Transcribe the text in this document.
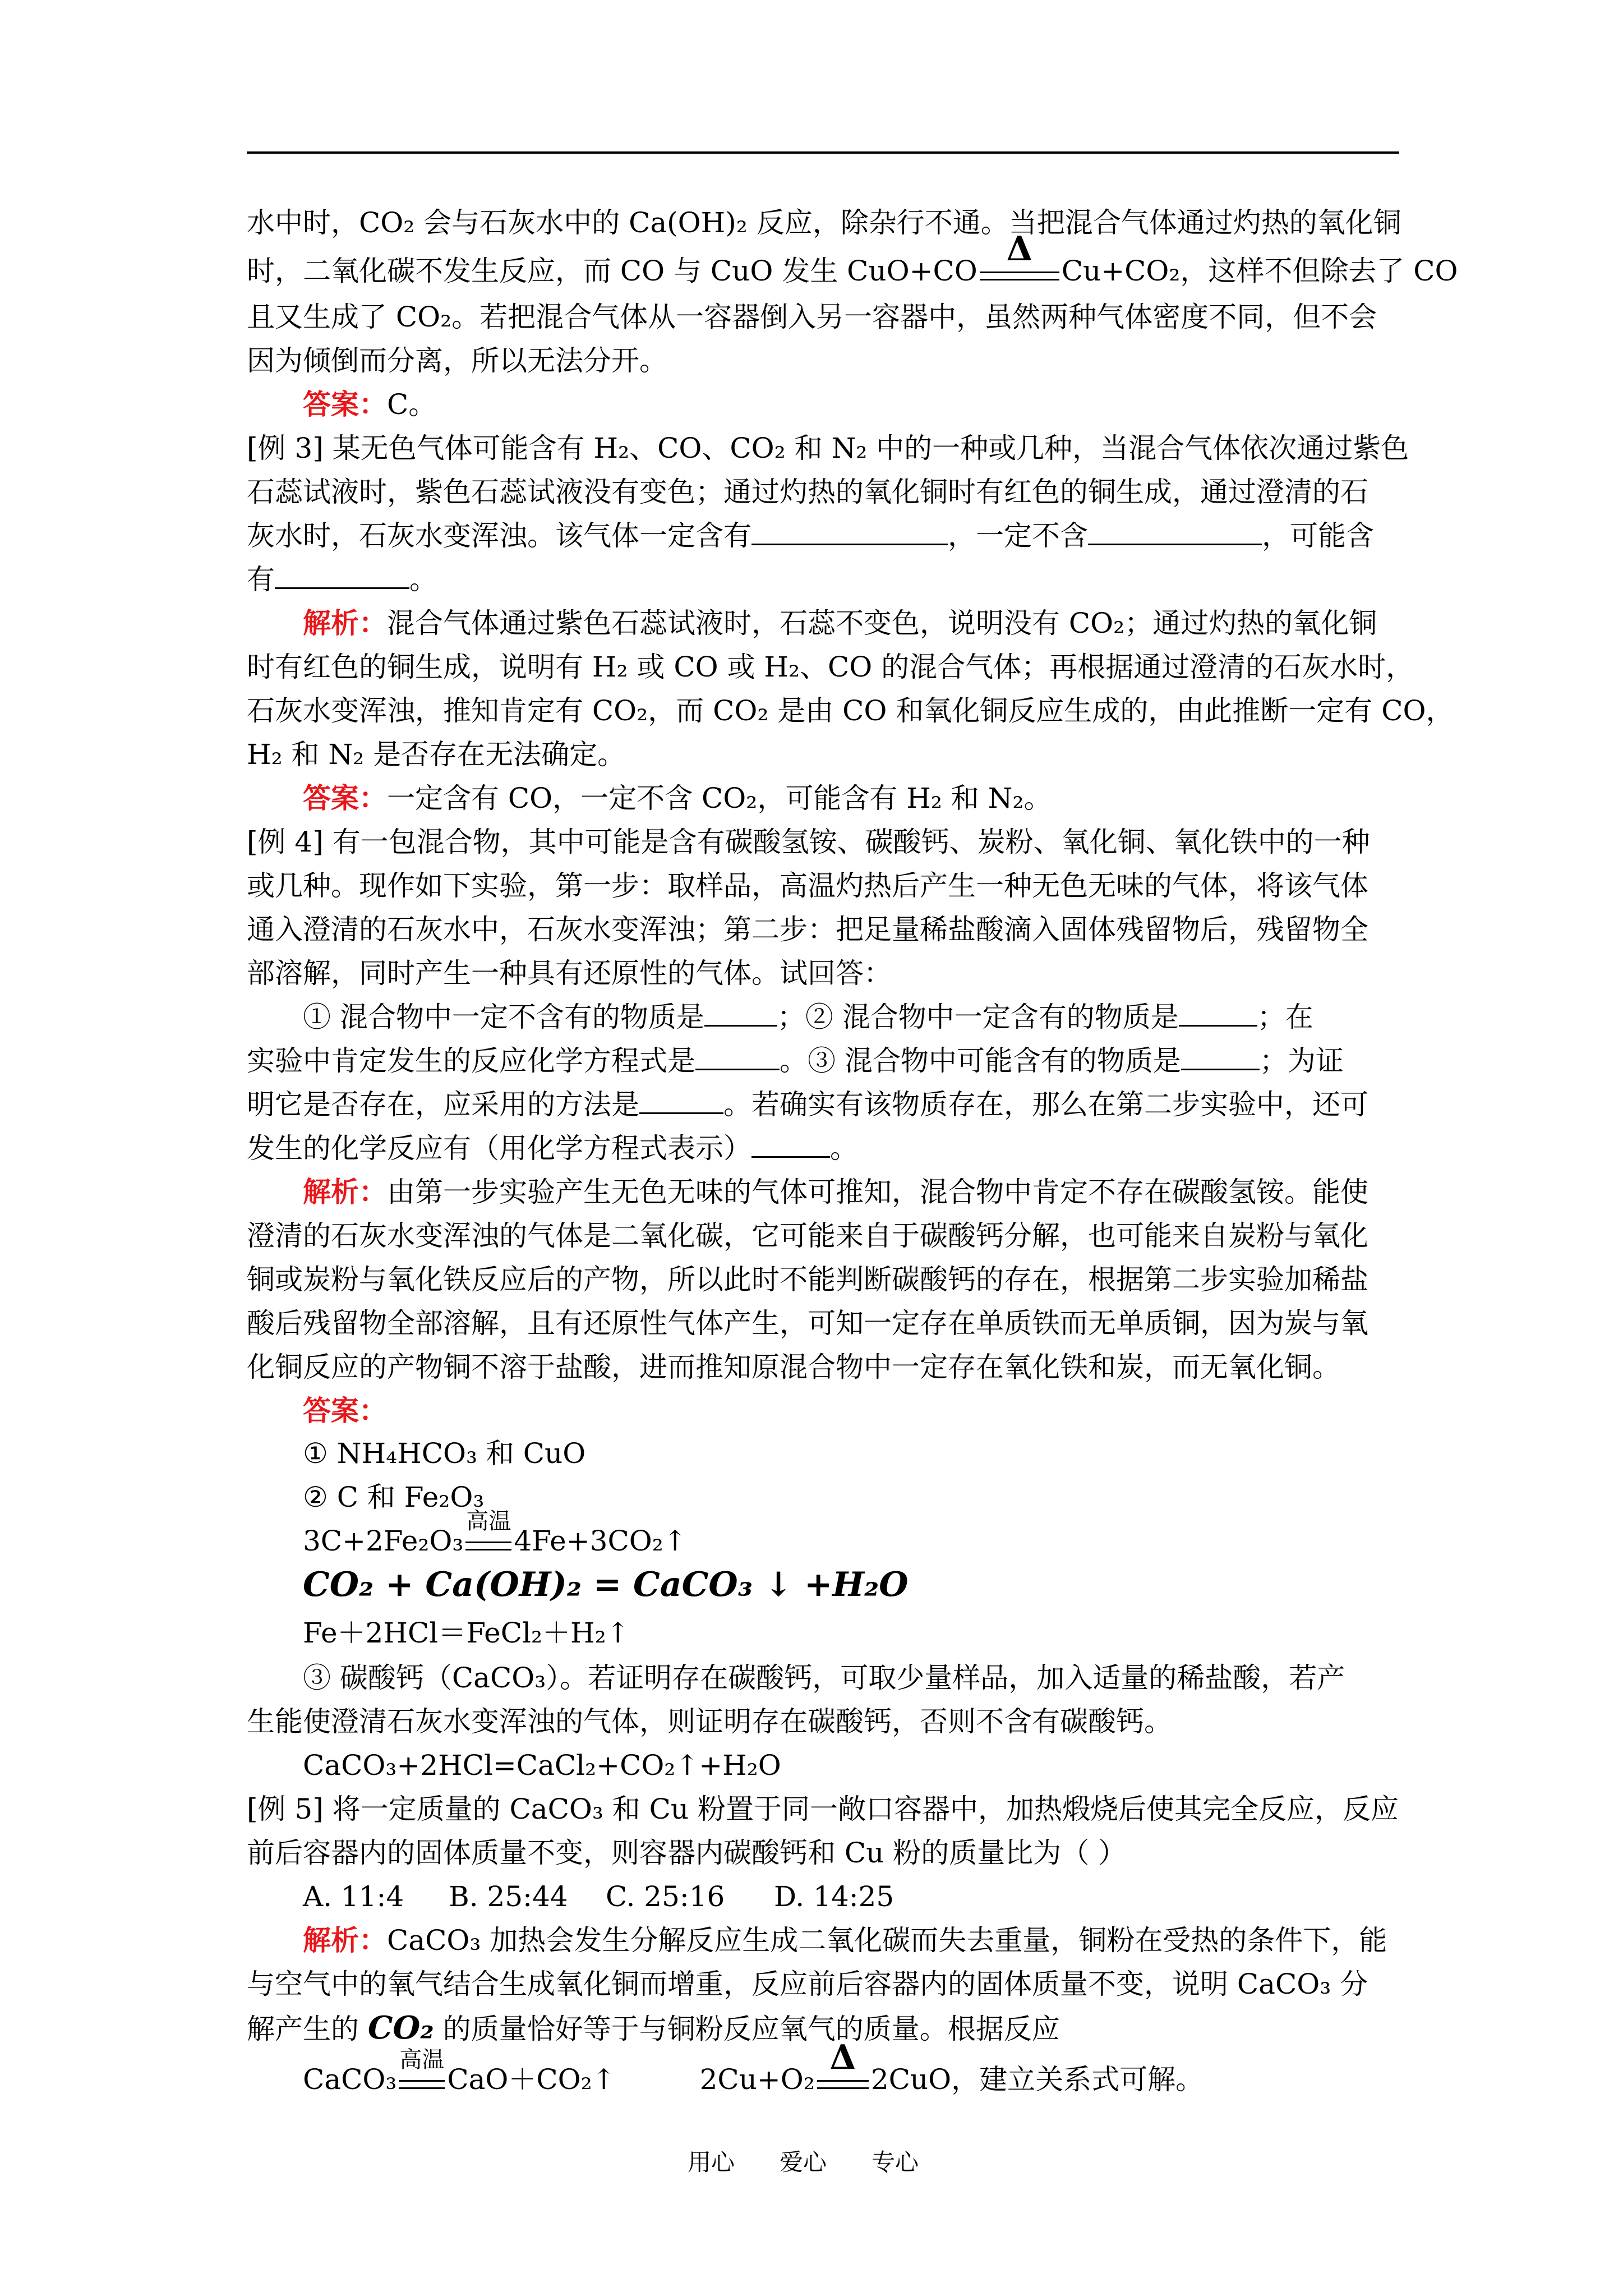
水中时，CO₂ 会与石灰水中的 Ca(OH)₂ 反应，除杂行不通。当把混合气体通过灼热的氧化铜
时，二氧化碳不发生反应，而 CO 与 CuO 发生 CuO+CO
Δ
Cu+CO₂，这样不但除去了 CO
且又生成了 CO₂。若把混合气体从一容器倒入另一容器中，虽然两种气体密度不同，但不会
因为倾倒而分离，所以无法分开。
答案：C。
[例 3] 某无色气体可能含有 H₂、CO、CO₂ 和 N₂ 中的一种或几种，当混合气体依次通过紫色
石蕊试液时，紫色石蕊试液没有变色；通过灼热的氧化铜时有红色的铜生成，通过澄清的石
灰水时，石灰水变浑浊。该气体一定含有	，一定不含	，可能含
有	。
解析：混合气体通过紫色石蕊试液时，石蕊不变色，说明没有 CO₂；通过灼热的氧化铜
时有红色的铜生成，说明有 H₂ 或 CO 或 H₂、CO 的混合气体；再根据通过澄清的石灰水时，
石灰水变浑浊，推知肯定有 CO₂，而 CO₂ 是由 CO 和氧化铜反应生成的，由此推断一定有 CO，
H₂ 和 N₂ 是否存在无法确定。
答案：一定含有 CO，一定不含 CO₂，可能含有 H₂ 和 N₂。
[例 4] 有一包混合物，其中可能是含有碳酸氢铵、碳酸钙、炭粉、氧化铜、氧化铁中的一种
或几种。现作如下实验，第一步：取样品，高温灼热后产生一种无色无味的气体，将该气体
通入澄清的石灰水中，石灰水变浑浊；第二步：把足量稀盐酸滴入固体残留物后，残留物全
部溶解，同时产生一种具有还原性的气体。试回答：
① 混合物中一定不含有的物质是	；② 混合物中一定含有的物质是	；在
实验中肯定发生的反应化学方程式是	。③ 混合物中可能含有的物质是	；为证
明它是否存在，应采用的方法是	。若确实有该物质存在，那么在第二步实验中，还可
发生的化学反应有（用化学方程式表示）	。
解析：由第一步实验产生无色无味的气体可推知，混合物中肯定不存在碳酸氢铵。能使
澄清的石灰水变浑浊的气体是二氧化碳，它可能来自于碳酸钙分解，也可能来自炭粉与氧化
铜或炭粉与氧化铁反应后的产物，所以此时不能判断碳酸钙的存在，根据第二步实验加稀盐
酸后残留物全部溶解，且有还原性气体产生，可知一定存在单质铁而无单质铜，因为炭与氧
化铜反应的产物铜不溶于盐酸，进而推知原混合物中一定存在氧化铁和炭，而无氧化铜。
答案：
① NH₄HCO₃ 和 CuO
② C 和 Fe₂O₃
3C+2Fe₂O₃
高温
4Fe+3CO₂↑
CO₂ + Ca(OH)₂ = CaCO₃ ↓ +H₂O
Fe＋2HCl＝FeCl₂＋H₂↑
③ 碳酸钙（CaCO₃）。若证明存在碳酸钙，可取少量样品，加入适量的稀盐酸，若产
生能使澄清石灰水变浑浊的气体，则证明存在碳酸钙，否则不含有碳酸钙。
CaCO₃+2HCl=CaCl₂+CO₂↑+H₂O
[例 5] 将一定质量的 CaCO₃ 和 Cu 粉置于同一敞口容器中，加热煅烧后使其完全反应，反应
前后容器内的固体质量不变，则容器内碳酸钙和 Cu 粉的质量比为（ ）
A. 11:4 B. 25:44 C. 25:16 D. 14:25
解析：CaCO₃ 加热会发生分解反应生成二氧化碳而失去重量，铜粉在受热的条件下，能
与空气中的氧气结合生成氧化铜而增重，反应前后容器内的固体质量不变，说明 CaCO₃ 分
解产生的 CO₂ 的质量恰好等于与铜粉反应氧气的质量。根据反应
CaCO₃
高温
CaO＋CO₂↑	2Cu+O₂
Δ
2CuO，建立关系式可解。
用心 爱心 专心
